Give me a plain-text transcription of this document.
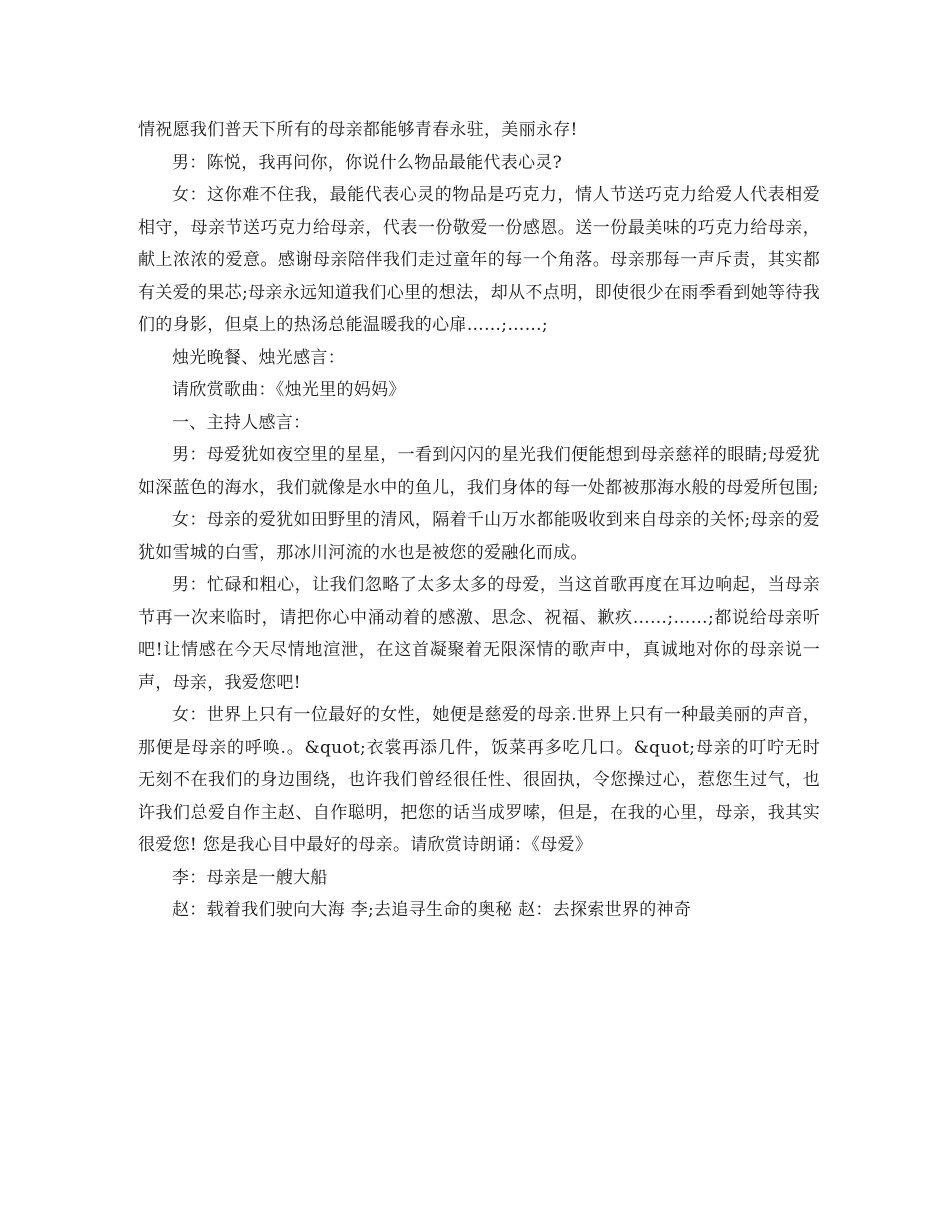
情祝愿我们普天下所有的母亲都能够青春永驻，美丽永存!

男：陈悦，我再问你，你说什么物品最能代表心灵?

女：这你难不住我，最能代表心灵的物品是巧克力，情人节送巧克力给爱人代表相爱相守，母亲节送巧克力给母亲，代表一份敬爱一份感恩。送一份最美味的巧克力给母亲，献上浓浓的爱意。感谢母亲陪伴我们走过童年的每一个角落。母亲那每一声斥责，其实都有关爱的果芯;母亲永远知道我们心里的想法，却从不点明，即使很少在雨季看到她等待我们的身影，但桌上的热汤总能温暖我的心扉……;……;

烛光晚餐、烛光感言：

请欣赏歌曲：《烛光里的妈妈》

一、主持人感言：

男：母爱犹如夜空里的星星，一看到闪闪的星光我们便能想到母亲慈祥的眼睛;母爱犹如深蓝色的海水，我们就像是水中的鱼儿，我们身体的每一处都被那海水般的母爱所包围;

女：母亲的爱犹如田野里的清风，隔着千山万水都能吸收到来自母亲的关怀;母亲的爱犹如雪城的白雪，那冰川河流的水也是被您的爱融化而成。

男：忙碌和粗心，让我们忽略了太多太多的母爱，当这首歌再度在耳边响起，当母亲节再一次来临时，请把你心中涌动着的感激、思念、祝福、歉疚……;……;都说给母亲听吧!让情感在今天尽情地渲泄，在这首凝聚着无限深情的歌声中，真诚地对你的母亲说一声，母亲，我爱您吧!

女：世界上只有一位最好的女性，她便是慈爱的母亲.世界上只有一种最美丽的声音，那便是母亲的呼唤.。&quot;衣裳再添几件，饭菜再多吃几口。&quot;母亲的叮咛无时无刻不在我们的身边围绕，也许我们曾经很任性、很固执，令您操过心，惹您生过气，也许我们总爱自作主赵、自作聪明，把您的话当成罗嗦，但是，在我的心里，母亲，我其实很爱您! 您是我心目中最好的母亲。请欣赏诗朗诵：《母爱》

李：母亲是一艘大船

赵：载着我们驶向大海 李;去追寻生命的奥秘 赵：去探索世界的神奇
